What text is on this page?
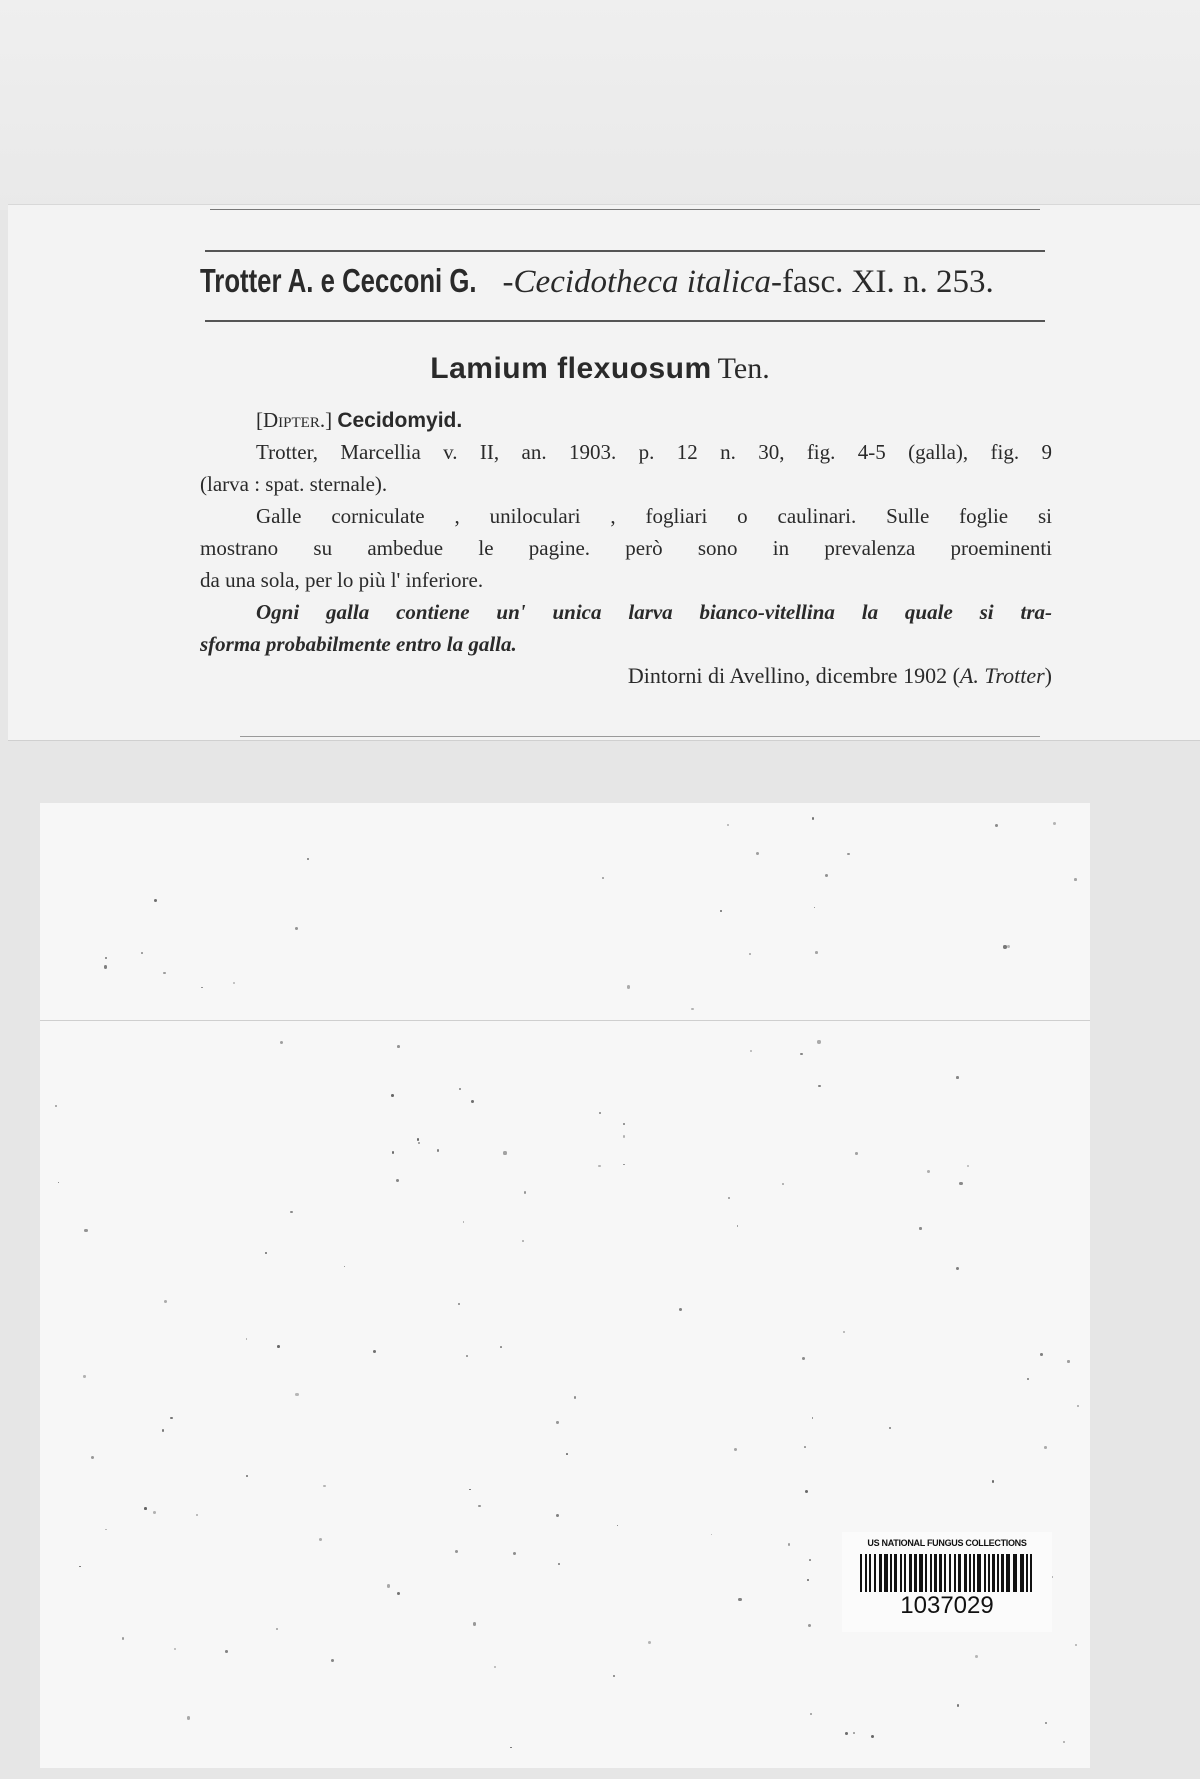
Trotter A. e Cecconi G. -Cecidotheca italica-fasc. XI. n. 253.
Lamium flexuosum Ten.
[Dipter.] Cecidomyid.
Trotter, Marcellia v. II, an. 1903. p. 12 n. 30, fig. 4-5 (galla), fig. 9
(larva : spat. sternale).
Galle corniculate , uniloculari , fogliari o caulinari. Sulle foglie si
mostrano su ambedue le pagine. però sono in prevalenza proeminenti
da una sola, per lo più l' inferiore.
Ogni galla contiene un' unica larva bianco-vitellina la quale si tra-
sforma probabilmente entro la galla.
Dintorni di Avellino, dicembre 1902 (A. Trotter)
US NATIONAL FUNGUS COLLECTIONS
1037029
